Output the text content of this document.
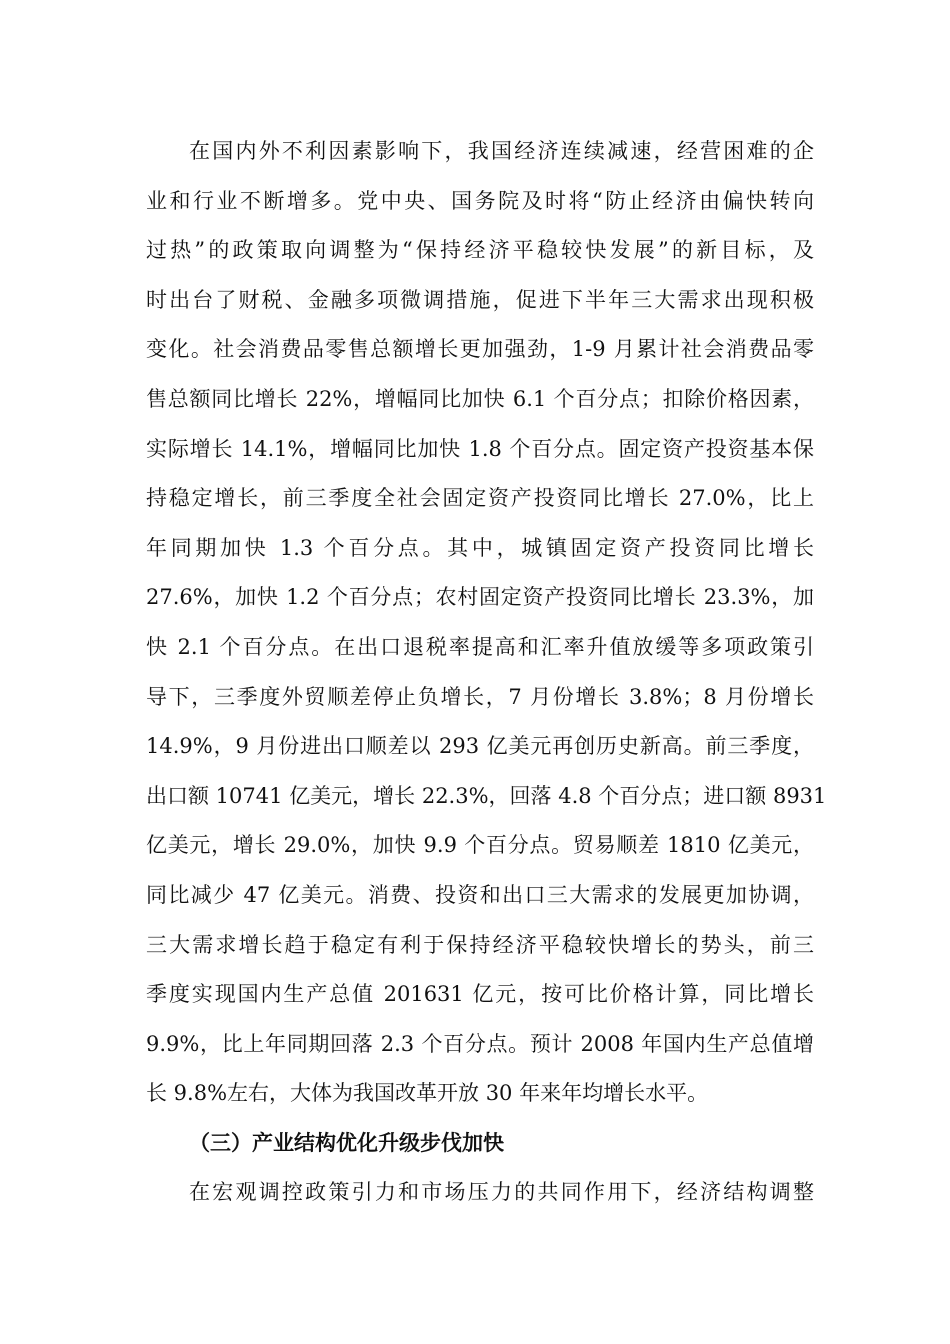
在国内外不利因素影响下，我国经济连续减速，经营困难的企
业和行业不断增多。党中央、国务院及时将“防止经济由偏快转向
过热”的政策取向调整为“保持经济平稳较快发展”的新目标，及
时出台了财税、金融多项微调措施，促进下半年三大需求出现积极
变化。社会消费品零售总额增长更加强劲，1-9 月累计社会消费品零
售总额同比增长 22%，增幅同比加快 6.1 个百分点；扣除价格因素，
实际增长 14.1%，增幅同比加快 1.8 个百分点。固定资产投资基本保
持稳定增长，前三季度全社会固定资产投资同比增长 27.0%，比上
年同期加快 1.3 个百分点。其中，城镇固定资产投资同比增长
27.6%，加快 1.2 个百分点；农村固定资产投资同比增长 23.3%，加
快 2.1 个百分点。在出口退税率提高和汇率升值放缓等多项政策引
导下，三季度外贸顺差停止负增长，7 月份增长 3.8%；8 月份增长
14.9%，9 月份进出口顺差以 293 亿美元再创历史新高。前三季度，
出口额 10741 亿美元，增长 22.3%，回落 4.8 个百分点；进口额 8931
亿美元，增长 29.0%，加快 9.9 个百分点。贸易顺差 1810 亿美元，
同比减少 47 亿美元。消费、投资和出口三大需求的发展更加协调，
三大需求增长趋于稳定有利于保持经济平稳较快增长的势头，前三
季度实现国内生产总值 201631 亿元，按可比价格计算，同比增长
9.9%，比上年同期回落 2.3 个百分点。预计 2008 年国内生产总值增
长 9.8%左右，大体为我国改革开放 30 年来年均增长水平。
（三）产业结构优化升级步伐加快
在宏观调控政策引力和市场压力的共同作用下，经济结构调整
